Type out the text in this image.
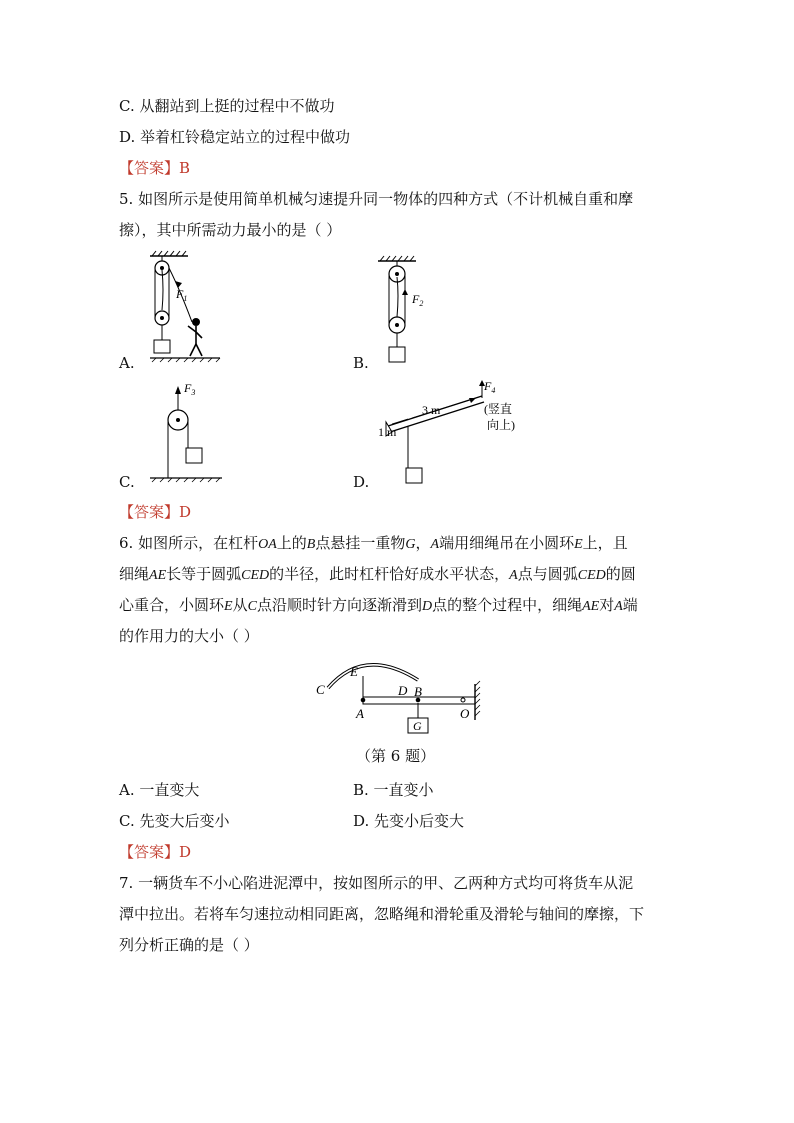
C. 从翻站到上挺的过程中不做功
D. 举着杠铃稳定站立的过程中做功
【答案】B
5. 如图所示是使用简单机械匀速提升同一物体的四种方式（不计机械自重和摩
擦），其中所需动力最小的是（ ）
$F_1$
A.
$F_2$
B.
$F_3$
C.
3 m
1 m
$F_4$
(竖直
向上)
D.
【答案】D
6. 如图所示，在杠杆OA上的B点悬挂一重物G，A端用细绳吊在小圆环E上，且
细绳AE长等于圆弧CED的半径，此时杠杆恰好成水平状态，A点与圆弧CED的圆
心重合，小圆环E从C点沿顺时针方向逐渐滑到D点的整个过程中，细绳AE对A端
的作用力的大小（ ）
C
E
D B
A	O
G
（第 6 题）
A. 一直变大	B. 一直变小
C. 先变大后变小	D. 先变小后变大
【答案】D
7. 一辆货车不小心陷进泥潭中，按如图所示的甲、乙两种方式均可将货车从泥
潭中拉出。若将车匀速拉动相同距离，忽略绳和滑轮重及滑轮与轴间的摩擦，下
列分析正确的是（ ）
